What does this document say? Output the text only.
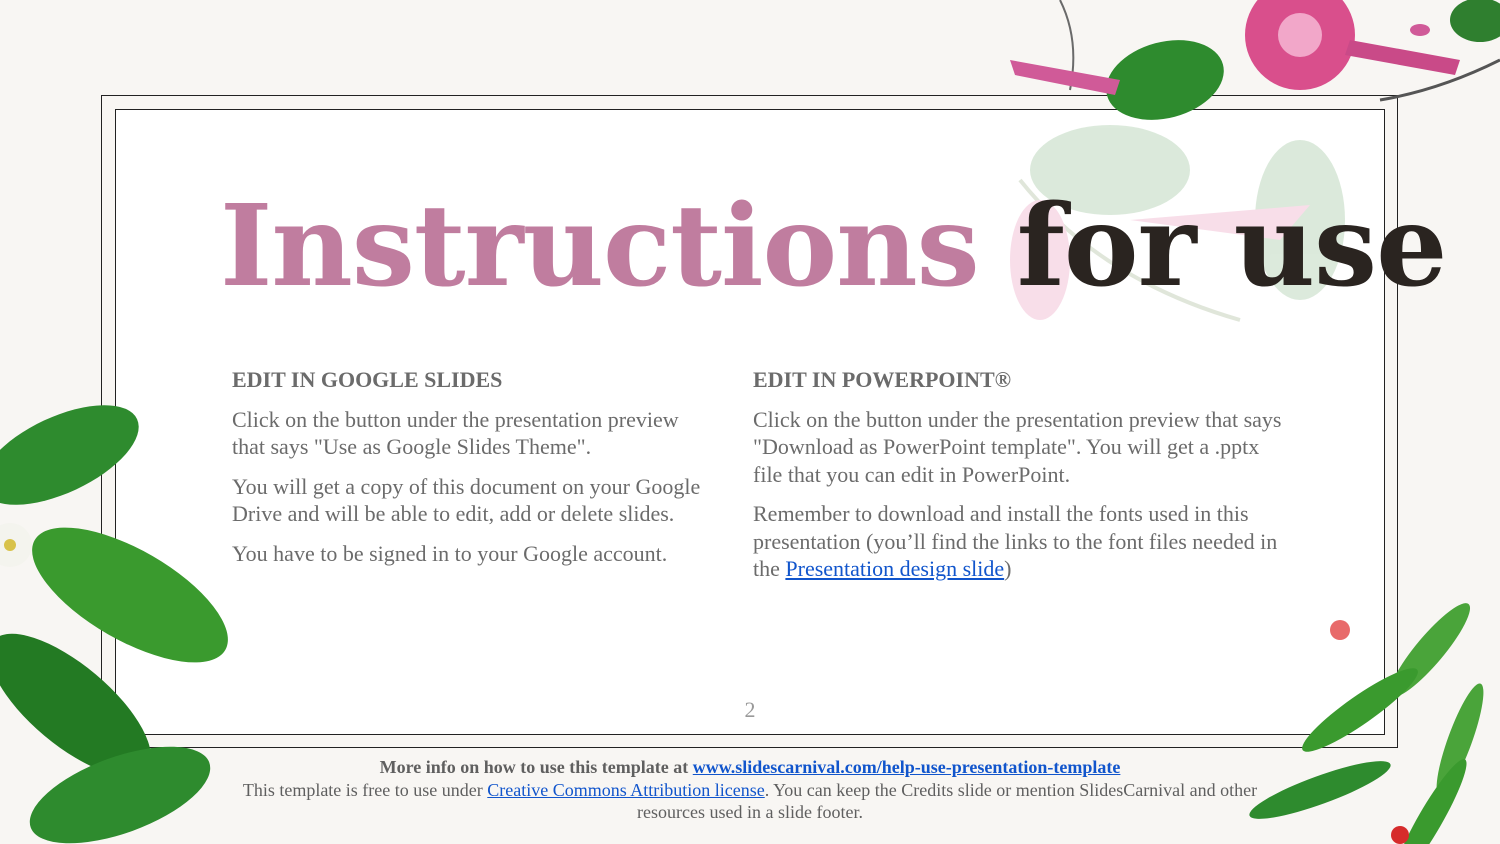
Instructions for use
EDIT IN GOOGLE SLIDES

Click on the button under the presentation preview that says "Use as Google Slides Theme".

You will get a copy of this document on your Google Drive and will be able to edit, add or delete slides.

You have to be signed in to your Google account.

EDIT IN POWERPOINT®

Click on the button under the presentation preview that says "Download as PowerPoint template". You will get a .pptx file that you can edit in PowerPoint.

Remember to download and install the fonts used in this presentation (you’ll find the links to the font files needed in the Presentation design slide)

2
More info on how to use this template at www.slidescarnival.com/help-use-presentation-template
This template is free to use under Creative Commons Attribution license. You can keep the Credits slide or mention SlidesCarnival and other resources used in a slide footer.
